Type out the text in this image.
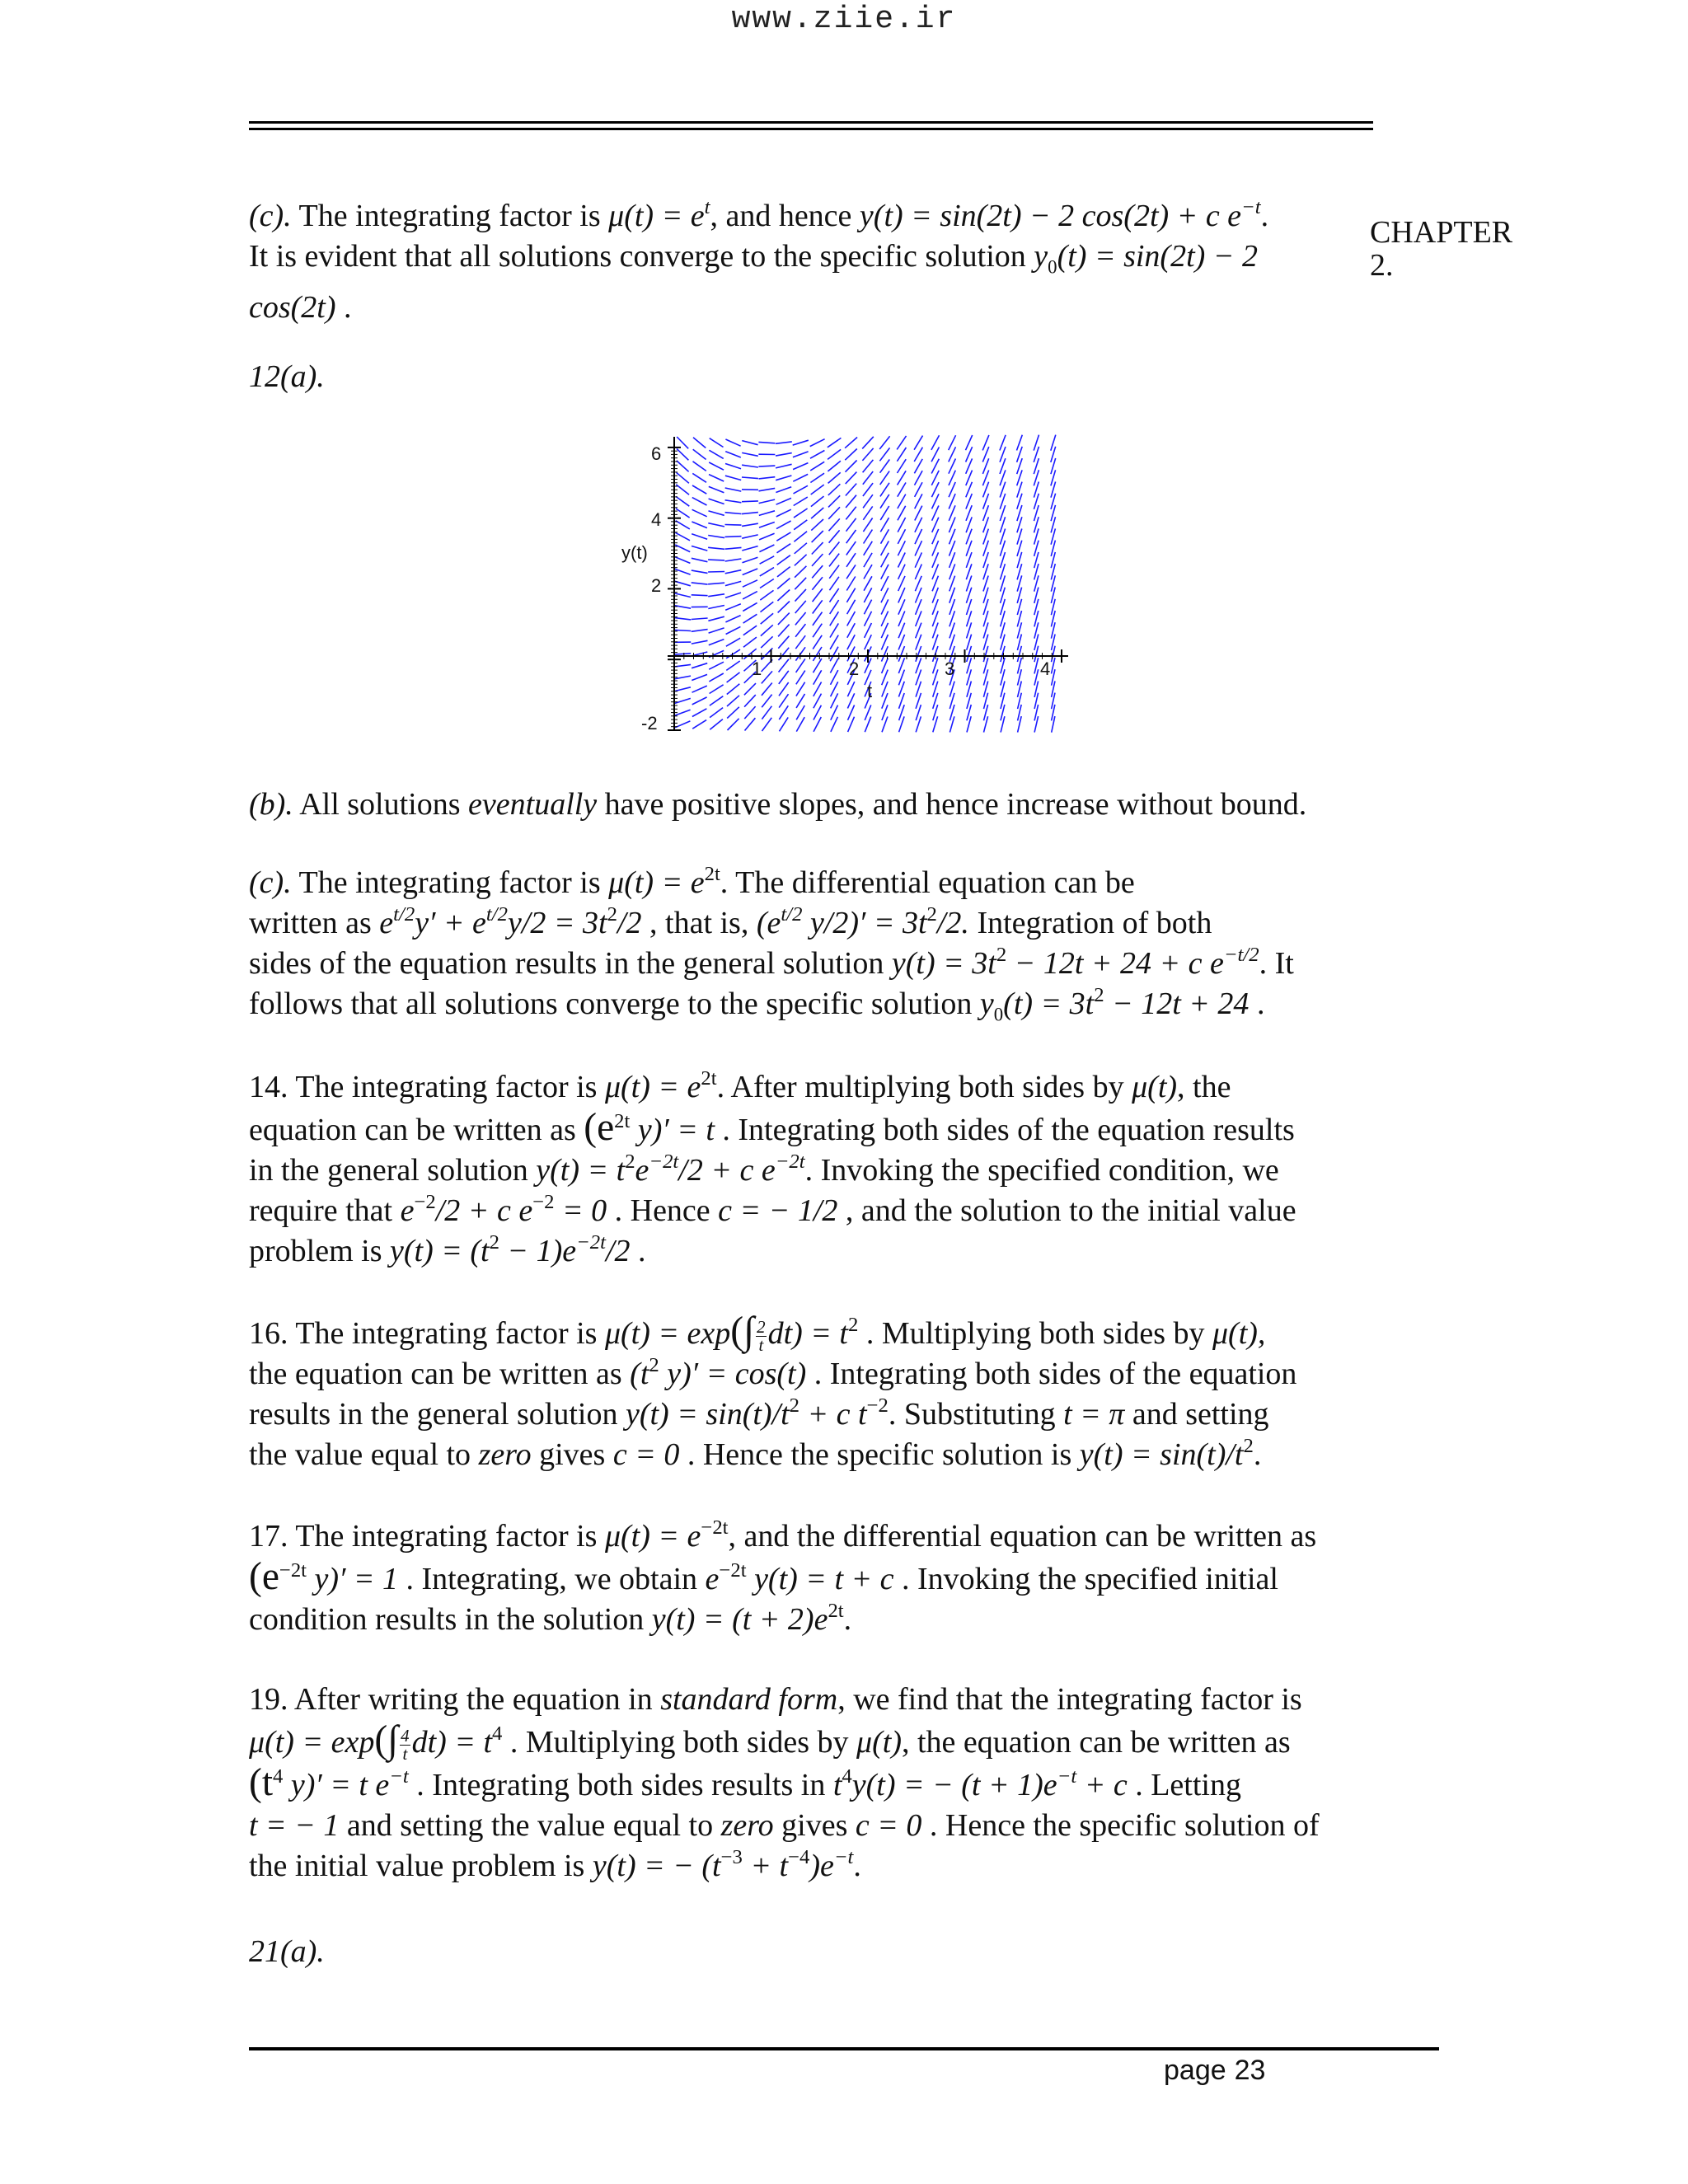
www.ziie.ir
CHAPTER 2.
(c). The integrating factor is $\mu(t) = e^t$, and hence y(t) = sin(2t) − 2 cos(2t) + c $e^{-t}$.
It is evident that all solutions converge to the specific solution $y_0(t) = \sin(2t) - 2$
cos(2t) .
12(a).
y(t)
t
6
4
2
-2
1	2	3	4
(b). All solutions eventually have positive slopes, and hence increase without bound.
(c). The integrating factor is $\mu(t) = e^{2t}$. The differential equation can be
written as $e^{t/2}y' + e^{t/2}y/2 = 3t^2/2$ , that is, ($e^{t/2}$ $y/2)' = 3t^2/2$. Integration of both
sides of the equation results in the general solution $y(t) = 3t^2 - 12t + 24 + c$ $e^{-t/2}$. It
follows that all solutions converge to the specific solution $y_0(t) = 3t^2 - 12t + 24$ .
14. The integrating factor is $\mu(t) = e^{2t}$. After multiplying both sides by μ(t), the
equation can be written as ($e^{2t}$ y)′ = t . Integrating both sides of the equation results
in the general solution $y(t) = t^2e^{-2t}/2 + c$ $e^{-2t}$. Invoking the specified condition, we
require that $e^{-2}/2 + c$ $e^{-2} = 0$ . Hence c = − 1/2 , and the solution to the initial value
problem is $y(t) = (t^2 - 1)e^{-2t}/2$ .
16. The integrating factor is $\mu(t) = \exp(\int \frac{2}{t} dt) = t^2$ . Multiplying both sides by μ(t),
the equation can be written as ($t^2$ y)′ = cos(t) . Integrating both sides of the equation
results in the general solution $y(t) = \sin(t)/t^2 + c$ $t^{-2}$. Substituting t = π and setting
the value equal to zero gives c = 0 . Hence the specific solution is $y(t) = \sin(t)/t^2$.
17. The integrating factor is $\mu(t) = e^{-2t}$, and the differential equation can be written as
($e^{-2t}$ y)′ = 1 . Integrating, we obtain $e^{-2t}$ y(t) = t + c . Invoking the specified initial
condition results in the solution $y(t) = (t + 2)e^{2t}$.
19. After writing the equation in standard form, we find that the integrating factor is
$\mu(t) = \exp(\int \frac{4}{t} dt) = t^4$ . Multiplying both sides by μ(t), the equation can be written as
($t^4$ y)′ = t $e^{-t}$ . Integrating both sides results in $t^4y(t)$ = − $(t + 1)e^{-t} + c$ . Letting
t = − 1 and setting the value equal to zero gives c = 0 . Hence the specific solution of
the initial value problem is y(t) = − $(t^{-3} + t^{-4})e^{-t}$.
21(a).
page 23
